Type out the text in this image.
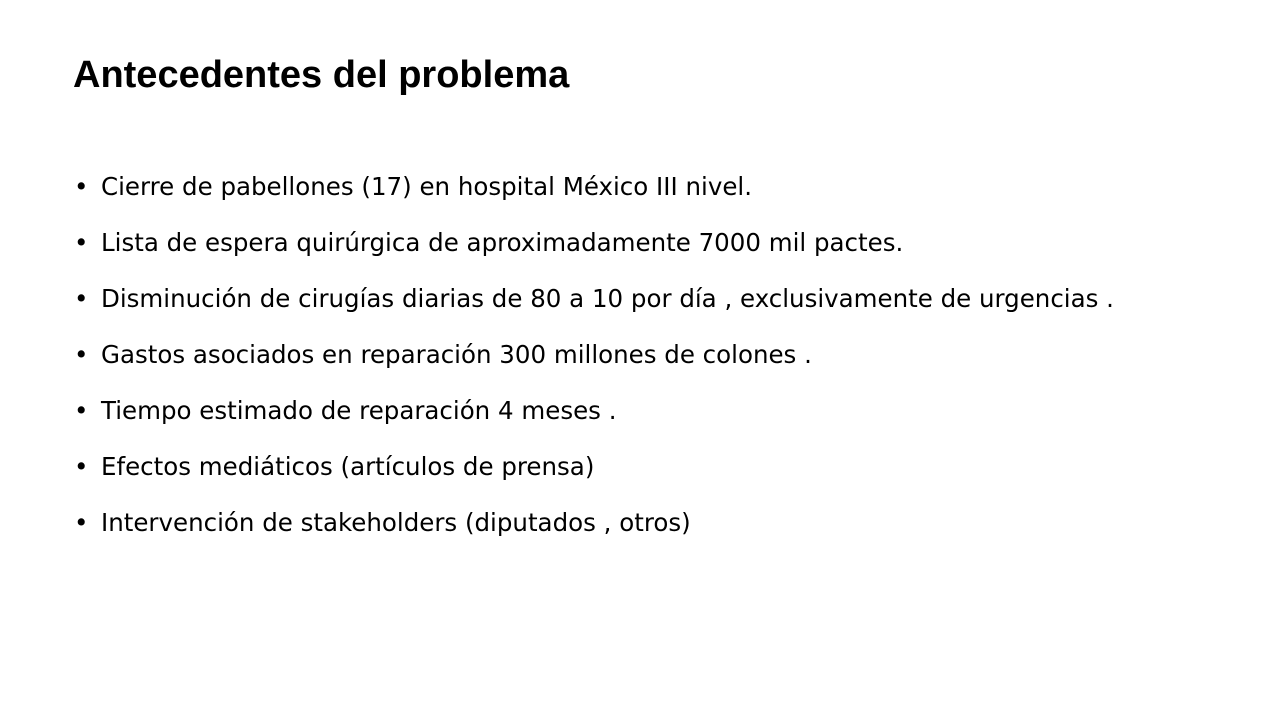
Antecedentes del problema
• Cierre de pabellones (17) en hospital México III nivel.
• Lista de espera quirúrgica de aproximadamente 7000 mil pactes.
• Disminución de cirugías diarias de 80 a 10 por día , exclusivamente de urgencias .
• Gastos asociados en reparación 300 millones de colones .
• Tiempo estimado de reparación 4 meses .
• Efectos mediáticos (artículos de prensa)
• Intervención de stakeholders (diputados , otros)
